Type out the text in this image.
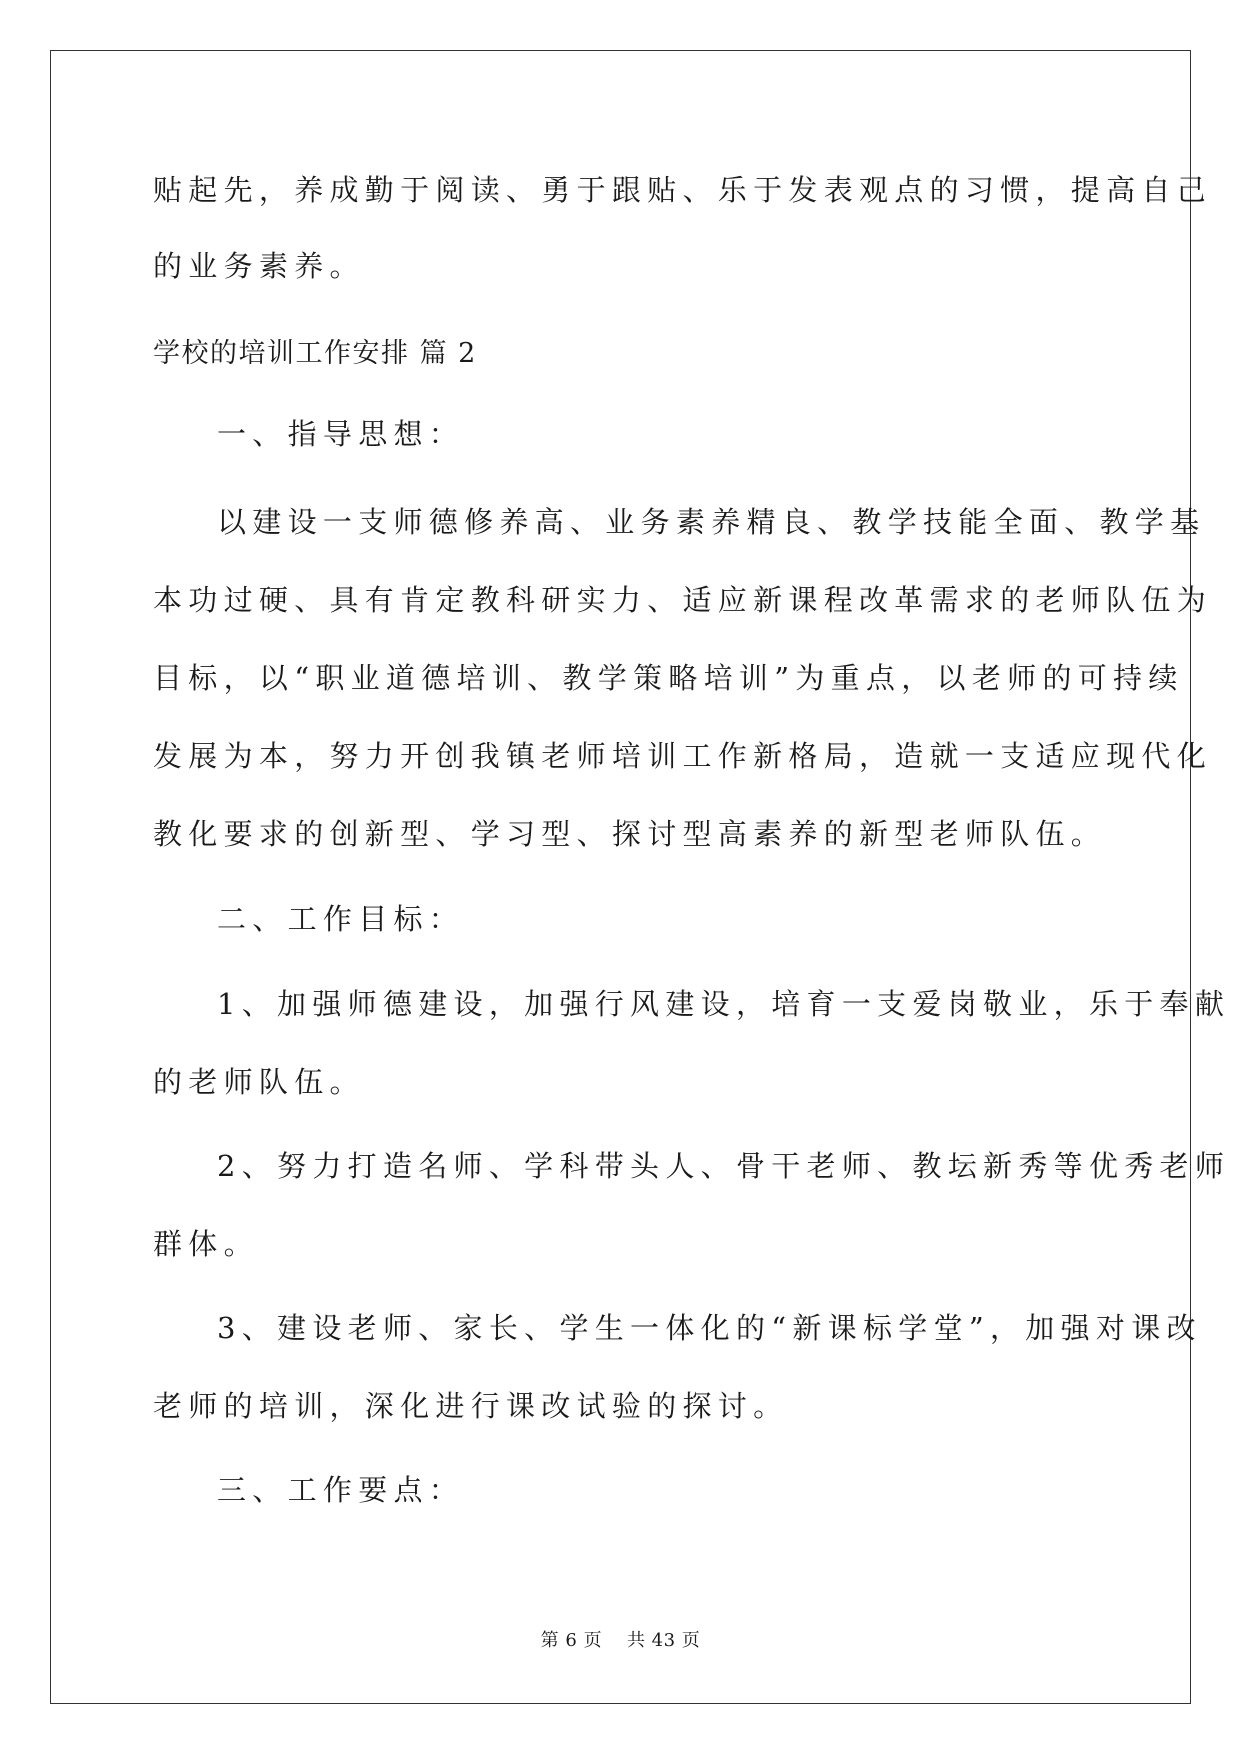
贴起先，养成勤于阅读、勇于跟贴、乐于发表观点的习惯，提高自己
的业务素养。
学校的培训工作安排 篇 2
一、指导思想：
以建设一支师德修养高、业务素养精良、教学技能全面、教学基
本功过硬、具有肯定教科研实力、适应新课程改革需求的老师队伍为
目标，以“职业道德培训、教学策略培训”为重点，以老师的可持续
发展为本，努力开创我镇老师培训工作新格局，造就一支适应现代化
教化要求的创新型、学习型、探讨型高素养的新型老师队伍。
二、工作目标：
1、加强师德建设，加强行风建设，培育一支爱岗敬业，乐于奉献
的老师队伍。
2、努力打造名师、学科带头人、骨干老师、教坛新秀等优秀老师
群体。
3、建设老师、家长、学生一体化的“新课标学堂”，加强对课改
老师的培训，深化进行课改试验的探讨。
三、工作要点：
第 6 页    共 43 页
